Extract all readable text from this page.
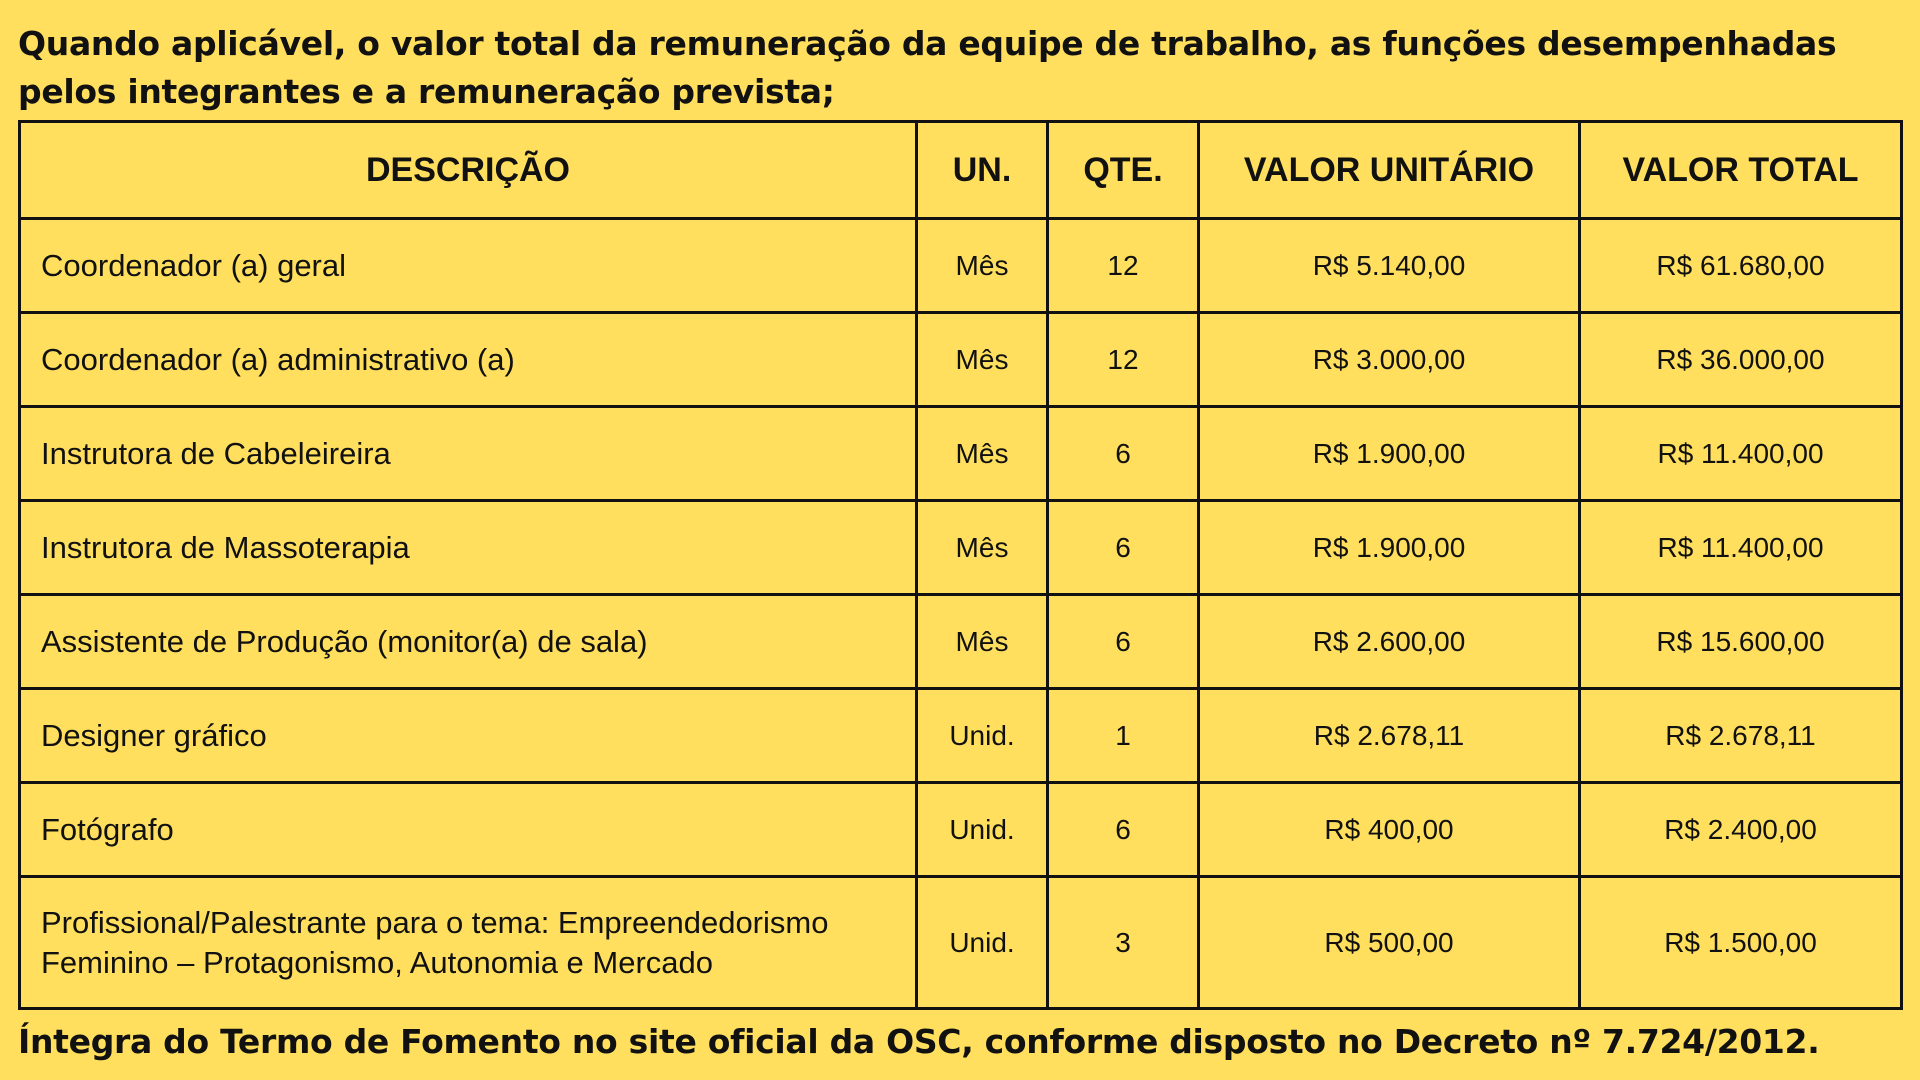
Quando aplicável, o valor total da remuneração da equipe de trabalho, as funções desempenhadas pelos integrantes e a remuneração prevista;

DESCRIÇÃO	UN.	QTE.	VALOR UNITÁRIO	VALOR TOTAL
Coordenador (a) geral	Mês	12	R$ 5.140,00	R$ 61.680,00
Coordenador (a) administrativo (a)	Mês	12	R$ 3.000,00	R$ 36.000,00
Instrutora de Cabeleireira	Mês	6	R$ 1.900,00	R$ 11.400,00
Instrutora de Massoterapia	Mês	6	R$ 1.900,00	R$ 11.400,00
Assistente de Produção (monitor(a) de sala)	Mês	6	R$ 2.600,00	R$ 15.600,00
Designer gráfico	Unid.	1	R$ 2.678,11	R$ 2.678,11
Fotógrafo	Unid.	6	R$ 400,00	R$ 2.400,00
Profissional/Palestrante para o tema: Empreendedorismo Feminino – Protagonismo, Autonomia e Mercado	Unid.	3	R$ 500,00	R$ 1.500,00

Íntegra do Termo de Fomento no site oficial da OSC, conforme disposto no Decreto nº 7.724/2012.
